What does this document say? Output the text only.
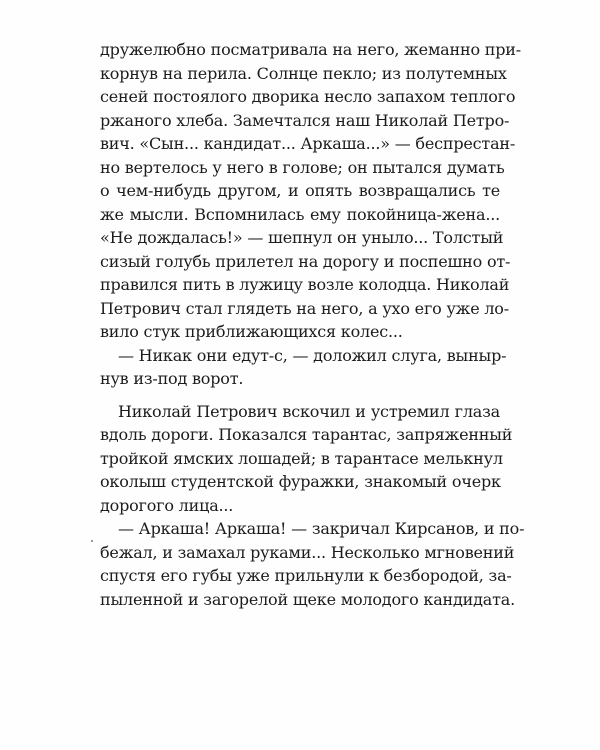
дружелюбно посматривала на него, жеманно при-
корнув на перила. Солнце пекло; из полутемных
сеней постоялого дворика несло запахом теплого
ржаного хлеба. Замечтался наш Николай Петро-
вич. «Сын... кандидат... Аркаша...» — беспрестан-
но вертелось у него в голове; он пытался думать
о чем-нибудь другом, и опять возвращались те
же мысли. Вспомнилась ему покойница-жена...
«Не дождалась!» — шепнул он уныло... Толстый
сизый голубь прилетел на дорогу и поспешно от-
правился пить в лужицу возле колодца. Николай
Петрович стал глядеть на него, а ухо его уже ло-
вило стук приближающихся колес...
— Никак они едут-с, — доложил слуга, выныр-
нув из-под ворот.
Николай Петрович вскочил и устремил глаза
вдоль дороги. Показался тарантас, запряженный
тройкой ямских лошадей; в тарантасе мелькнул
околыш студентской фуражки, знакомый очерк
дорогого лица...
— Аркаша! Аркаша! — закричал Кирсанов, и по-
бежал, и замахал руками... Несколько мгновений
спустя его губы уже прильнули к безбородой, за-
пыленной и загорелой щеке молодого кандидата.
